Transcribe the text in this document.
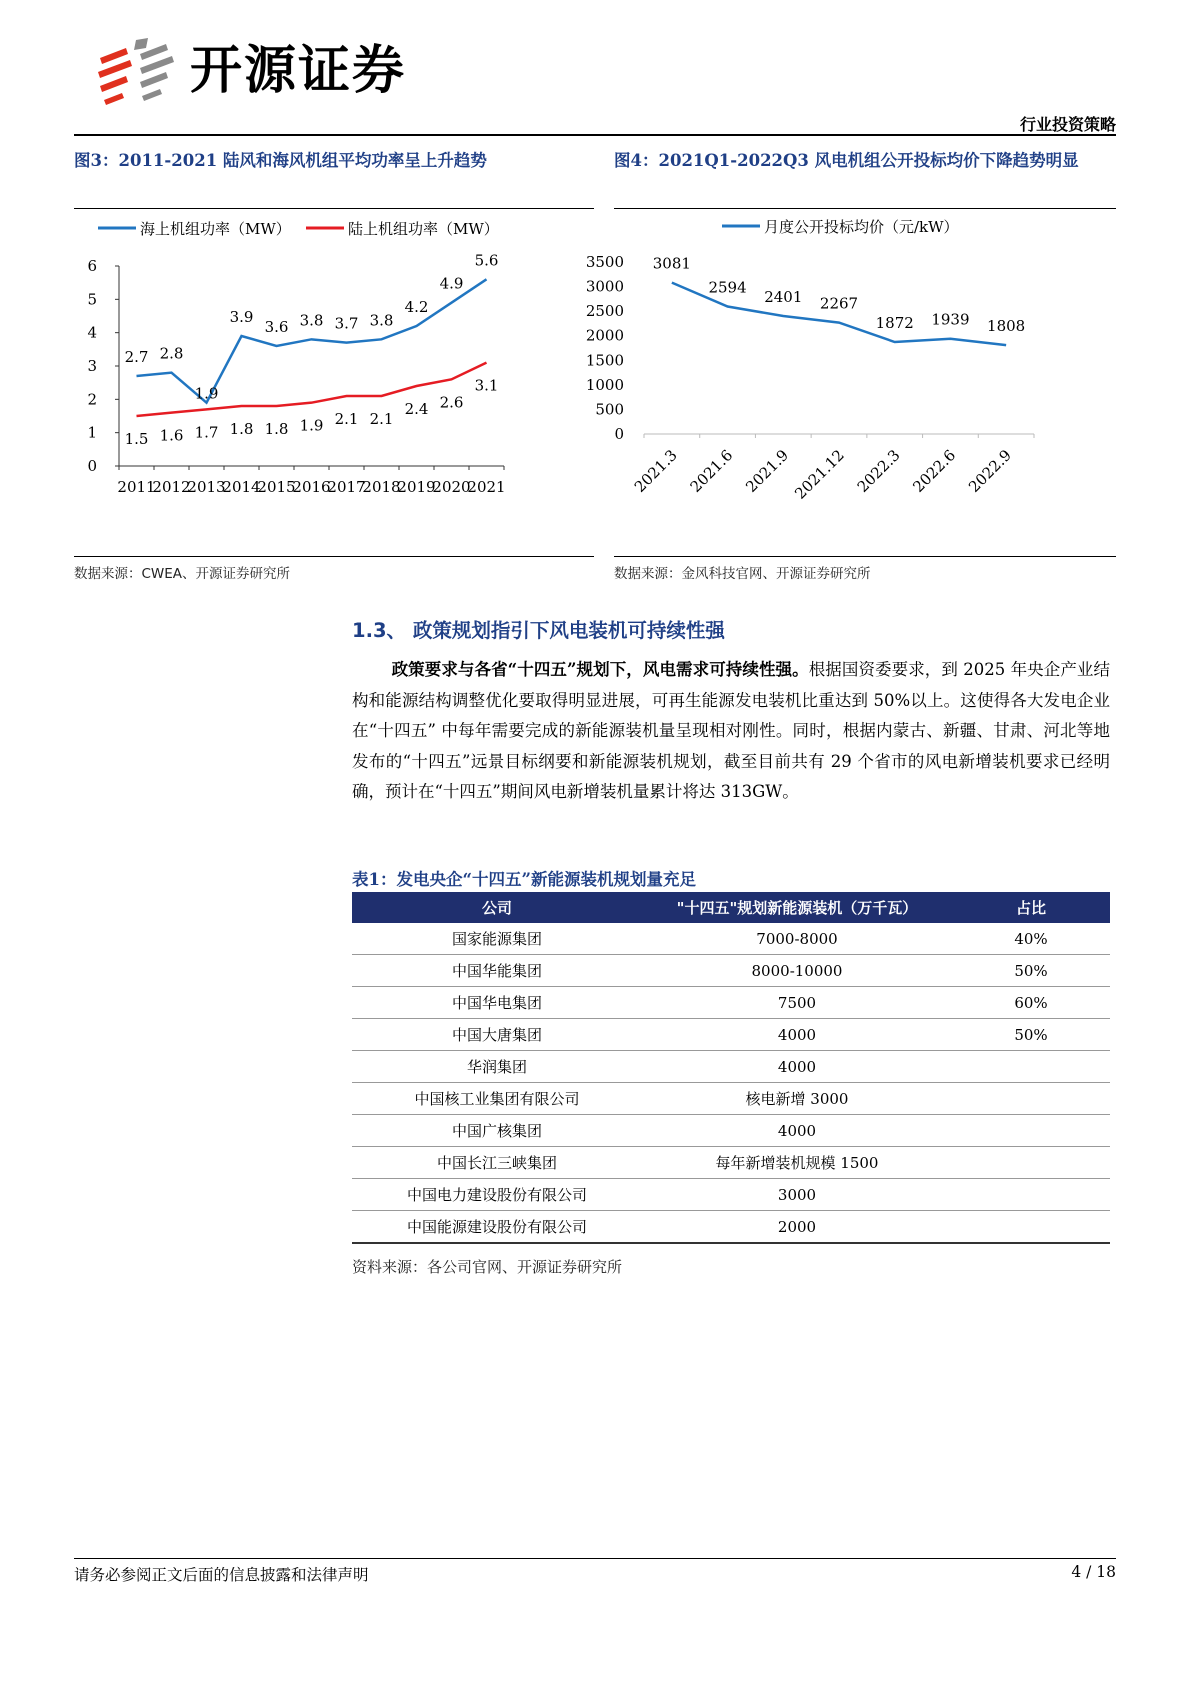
开源证券
行业投资策略
图3：2011-2021 陆风和海风机组平均功率呈上升趋势
海上机组功率（MW）	陆上机组功率（MW）
0
1
2
3
4
5
6
2011
2012
2013
2014
2015
2016
2017
2018
2019
2020
2021
2.7 2.8
1.9
3.9
3.6 3.8 3.7 3.8
4.2
4.9
5.6
1.5 1.6 1.7 1.8 1.8 1.9 2.1 2.1
2.4 2.6
3.1
数据来源：CWEA、开源证券研究所
图4：2021Q1-2022Q3 风电机组公开投标均价下降趋势明显
月度公开投标均价（元/kW）
0
500
1000
1500
2000
2500
3000
3500
2021.3 2021.6 2021.9 2021.12 2022.3 2022.6 2022.9
3081
2594
2401 2267
1872 1939 1808
数据来源：金风科技官网、开源证券研究所
1.3、 政策规划指引下风电装机可持续性强
政策要求与各省“十四五”规划下，风电需求可持续性强。根据国资委要求，到 2025 年央企产业结构和能源结构调整优化要取得明显进展，可再生能源发电装机比重达到 50%以上。这使得各大发电企业在“十四五” 中每年需要完成的新能源装机量呈现相对刚性。同时，根据内蒙古、新疆、甘肃、河北等地发布的“十四五”远景目标纲要和新能源装机规划，截至目前共有 29 个省市的风电新增装机要求已经明确，预计在“十四五”期间风电新增装机量累计将达 313GW。
表1：发电央企“十四五”新能源装机规划量充足
公司	"十四五"规划新能源装机（万千瓦）	占比
国家能源集团	7000-8000	40%
中国华能集团	8000-10000	50%
中国华电集团	7500	60%
中国大唐集团	4000	50%
华润集团	4000	
中国核工业集团有限公司	核电新增 3000	
中国广核集团	4000	
中国长江三峡集团	每年新增装机规模 1500	
中国电力建设股份有限公司	3000	
中国能源建设股份有限公司	2000	
资料来源：各公司官网、开源证券研究所
请务必参阅正文后面的信息披露和法律声明	4 / 18
